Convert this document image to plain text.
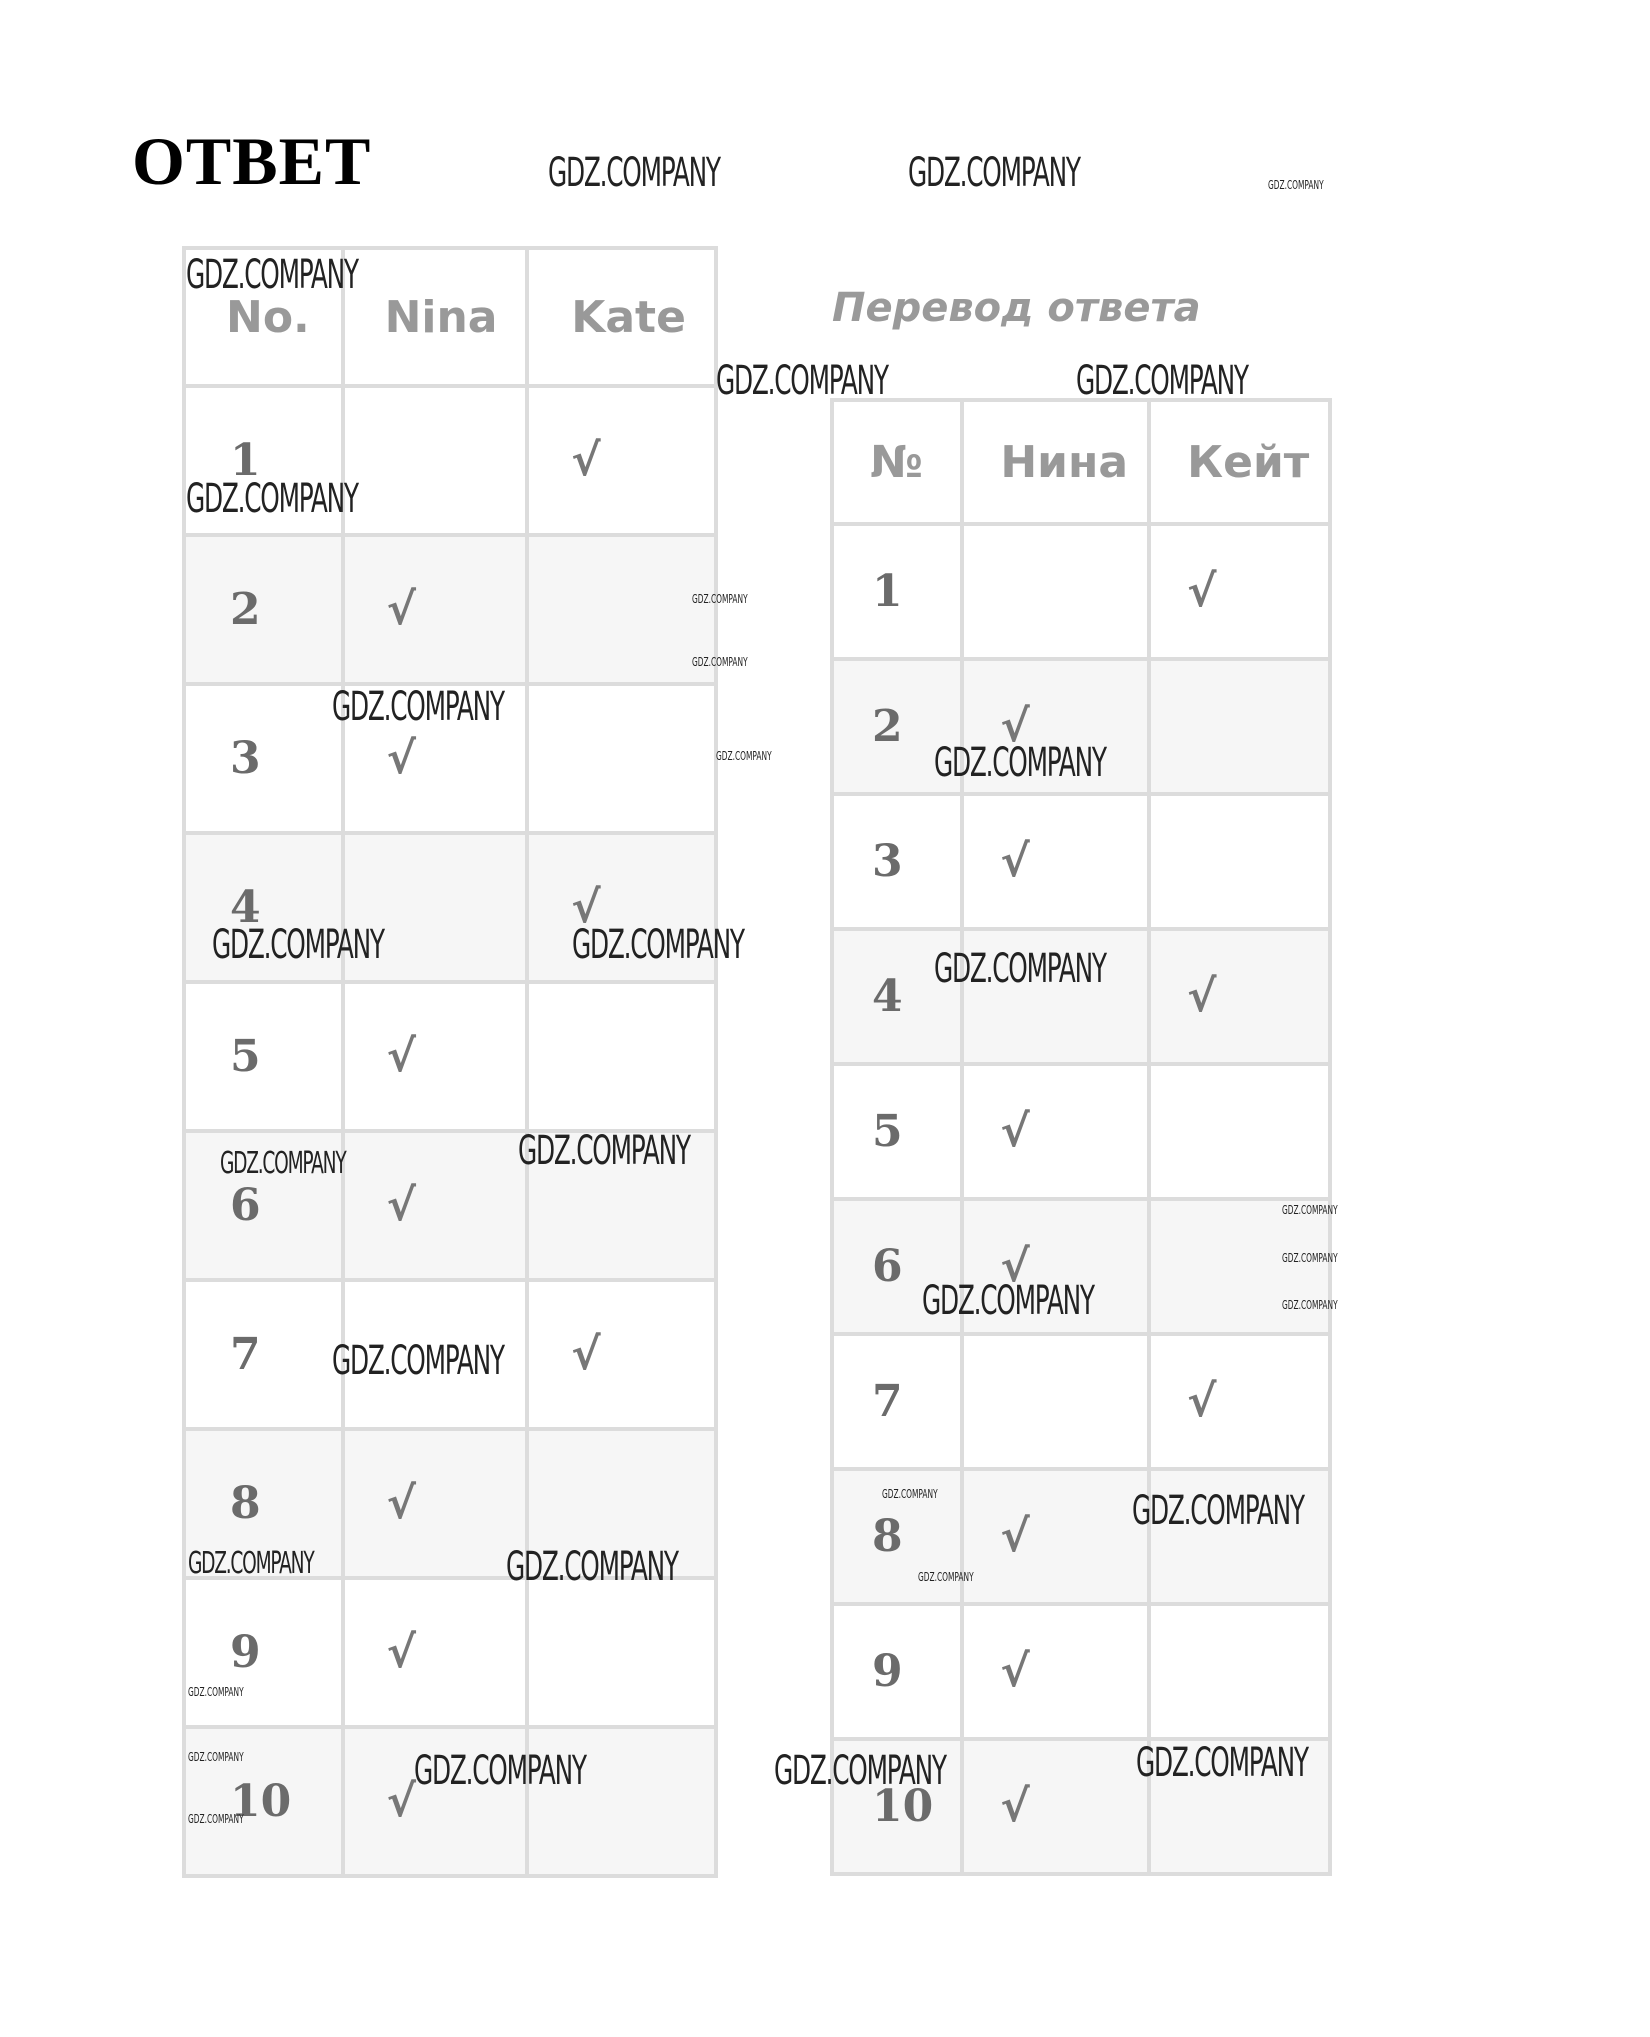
ОТВЕТ

Перевод ответа

No.	Nina	Kate
1		√
2	√	
3	√	
4		√
5	√	
6	√	
7		√
8	√	
9	√	
10	√	
№	Нина	Кейт
1		√
2	√	
3	√	
4		√
5	√	
6	√	
7		√
8	√	
9	√	
10	√	
GDZ.COMPANY	GDZ.COMPANY	GDZ.COMPANY
GDZ.COMPANY
GDZ.COMPANY	GDZ.COMPANY
GDZ.COMPANY
GDZ.COMPANY
GDZ.COMPANY
GDZ.COMPANY
GDZ.COMPANY
GDZ.COMPANY
GDZ.COMPANY	GDZ.COMPANY
GDZ.COMPANY
GDZ.COMPANY	GDZ.COMPANY
GDZ.COMPANY
GDZ.COMPANY
GDZ.COMPANY
GDZ.COMPANY
GDZ.COMPANY
GDZ.COMPANY
GDZ.COMPANY
GDZ.COMPANY
GDZ.COMPANY	GDZ.COMPANY
GDZ.COMPANY
GDZ.COMPANY
GDZ.COMPANY
GDZ.COMPANY	GDZ.COMPANY	GDZ.COMPANY
